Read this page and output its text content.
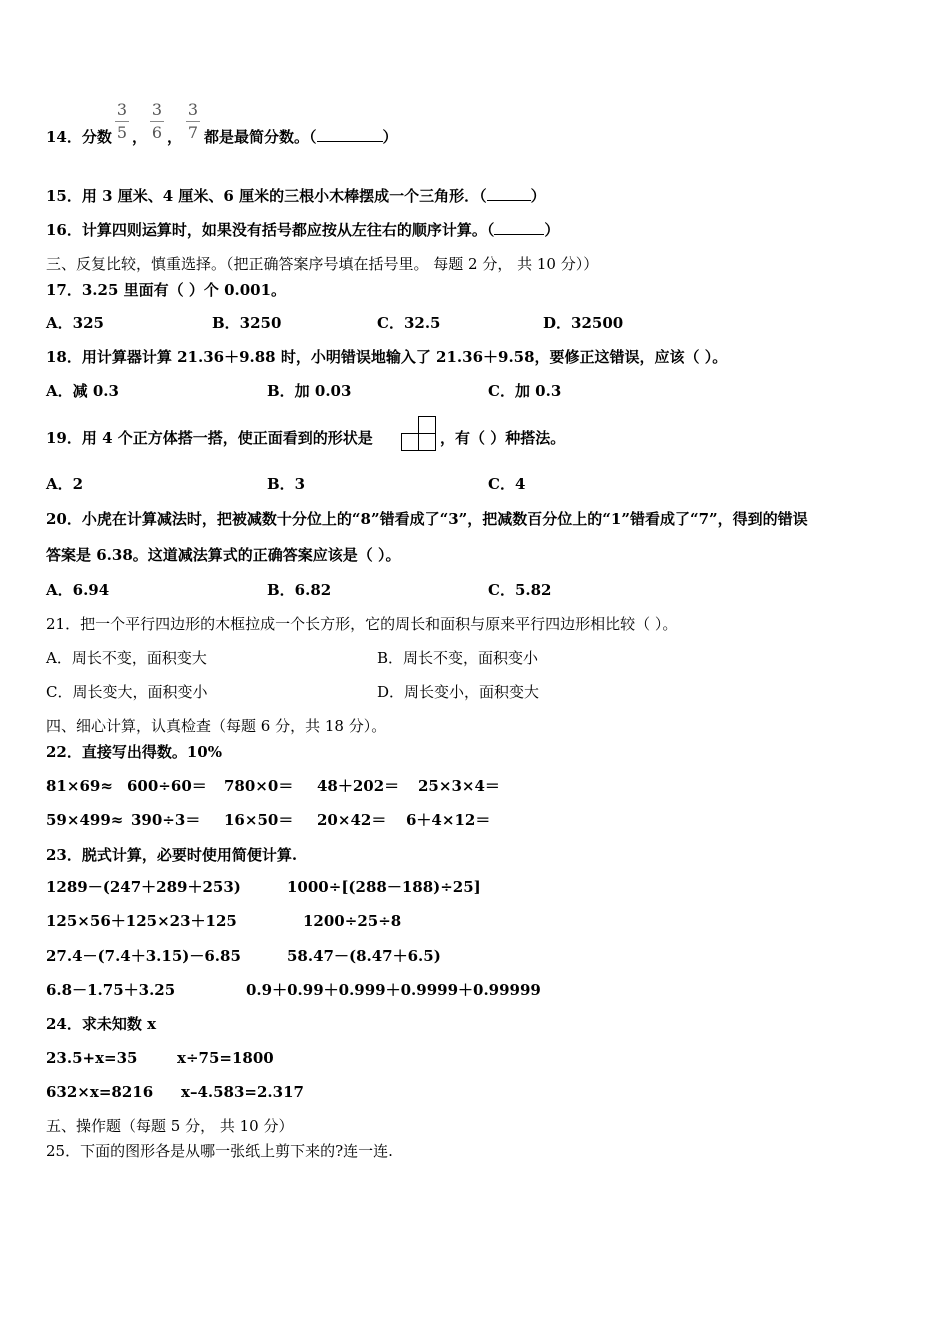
14．分数
3
5 ，
3
6 ，
3
7 都是最简分数。（	）
15．用 3 厘米、4 厘米、6 厘米的三根小木棒摆成一个三角形．（	）
16．计算四则运算时，如果没有括号都应按从左往右的顺序计算。（	）
三、反复比较，慎重选择。（把正确答案序号填在括号里。 每题 2 分， 共 10 分））
17．3.25 里面有（ ）个 0.001。
A．325	B．3250	C．32.5	D．32500
18．用计算器计算 21.36＋9.88 时，小明错误地输入了 21.36＋9.58，要修正这错误，应该（ ）。
A．减 0.3	B．加 0.03	C．加 0.3
19．用 4 个正方体搭一搭，使正面看到的形状是	，有（ ）种搭法。
A．2	B．3	C．4
20．小虎在计算减法时，把被减数十分位上的“8”错看成了“3”，把减数百分位上的“1”错看成了“7”，得到的错误
答案是 6.38。这道减法算式的正确答案应该是（ ）。
A．6.94	B．6.82	C．5.82
21．把一个平行四边形的木框拉成一个长方形，它的周长和面积与原来平行四边形相比较（ ）。
A．周长不变，面积变大	B．周长不变，面积变小
C．周长变大，面积变小	D．周长变小，面积变大
四、细心计算，认真检查（每题 6 分，共 18 分）。
22．直接写出得数。10%
81×69≈ 600÷60＝ 780×0＝ 48＋202＝ 25×3×4＝
59×499≈ 390÷3＝ 16×50＝ 20×42＝ 6＋4×12＝
23．脱式计算，必要时使用简便计算.
1289－(247＋289＋253)	1000÷[(288－188)÷25]
125×56＋125×23＋125	1200÷25÷8
27.4－(7.4＋3.15)－6.85	58.47－(8.47＋6.5)
6.8－1.75＋3.25	0.9＋0.99＋0.999＋0.9999＋0.99999
24．求未知数 x
23.5+x=35	x÷75=1800
632×x=8216 x–4.583=2.317
五、操作题（每题 5 分， 共 10 分）
25．下面的图形各是从哪一张纸上剪下来的?连一连.
